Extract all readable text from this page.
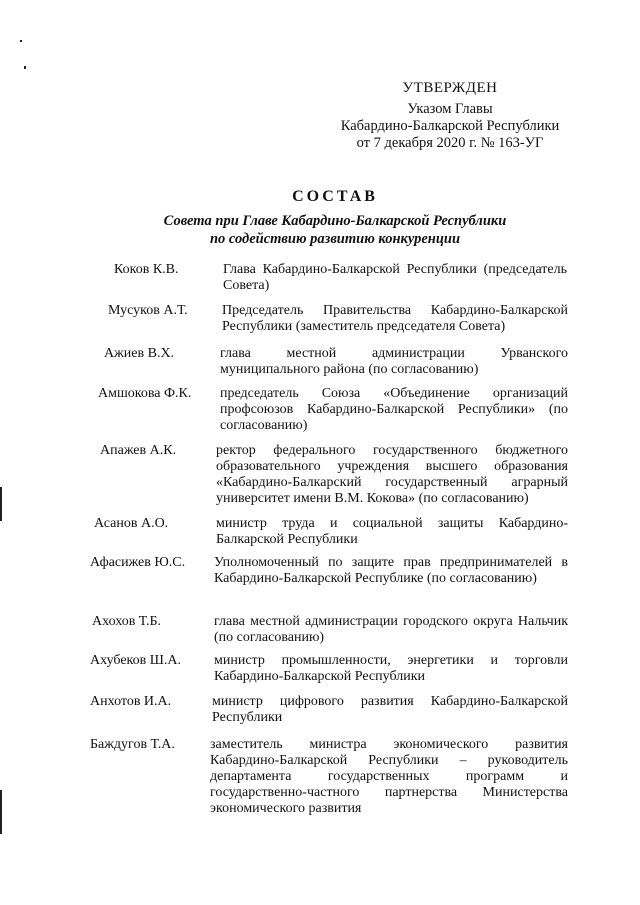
УТВЕРЖДЕН
Указом Главы
Кабардино-Балкарской Республики
от 7 декабря 2020 г. № 163-УГ
СОСТАВ
Совета при Главе Кабардино-Балкарской Республики
по содействию развитию конкуренции
Коков К.В.	Глава Кабардино-Балкарской Республики (председатель Совета)
Мусуков А.Т. Председатель Правительства Кабардино-Балкарской Республики (заместитель председателя Совета)
Ажиев В.Х.	глава местной администрации Урванского муниципального района (по согласованию)
Амшокова Ф.К. председатель Союза «Объединение организаций профсоюзов Кабардино-Балкарской Республики» (по согласованию)
Апажев А.К.	ректор федерального государственного бюджетного образовательного учреждения высшего образования «Кабардино-Балкарский государственный аграрный университет имени В.М. Кокова» (по согласованию)
Асанов А.О.	министр труда и социальной защиты Кабардино-Балкарской Республики
Афасижев Ю.С. Уполномоченный по защите прав предпринимателей в Кабардино-Балкарской Республике (по согласованию)
Ахохов Т.Б.	глава местной администрации городского округа Нальчик (по согласованию)
Ахубеков Ш.А. министр промышленности, энергетики и торговли Кабардино-Балкарской Республики
Анхотов И.А.	министр цифрового развития Кабардино-Балкарской Республики
Баждугов Т.А.	заместитель министра экономического развития Кабардино-Балкарской Республики – руководитель департамента государственных программ и государственно-частного партнерства Министерства экономического развития
